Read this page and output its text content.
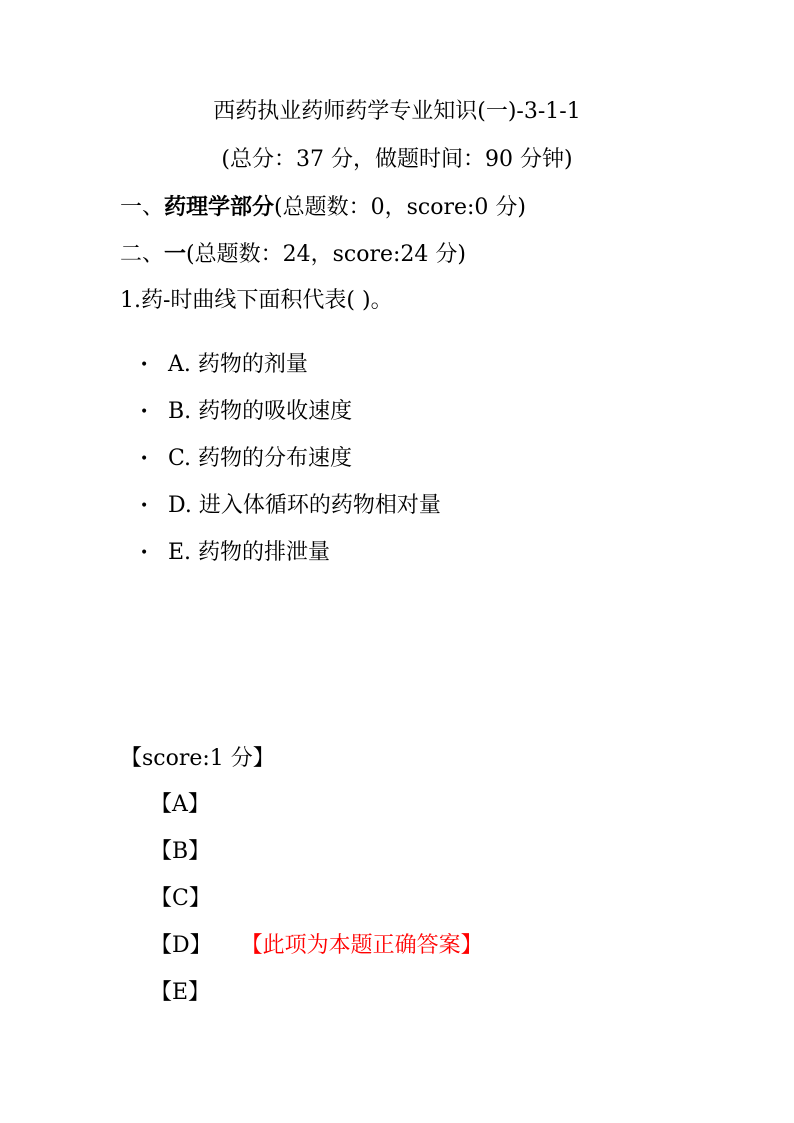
西药执业药师药学专业知识(一)-3-1-1
(总分：37 分，做题时间：90 分钟)
一、药理学部分(总题数：0，score:0 分)
二、一(总题数：24，score:24 分)
1.药-时曲线下面积代表( )。
• A. 药物的剂量
• B. 药物的吸收速度
• C. 药物的分布速度
• D. 进入体循环的药物相对量
• E. 药物的排泄量
【score:1 分】
【A】
【B】
【C】
【D】 【此项为本题正确答案】
【E】
